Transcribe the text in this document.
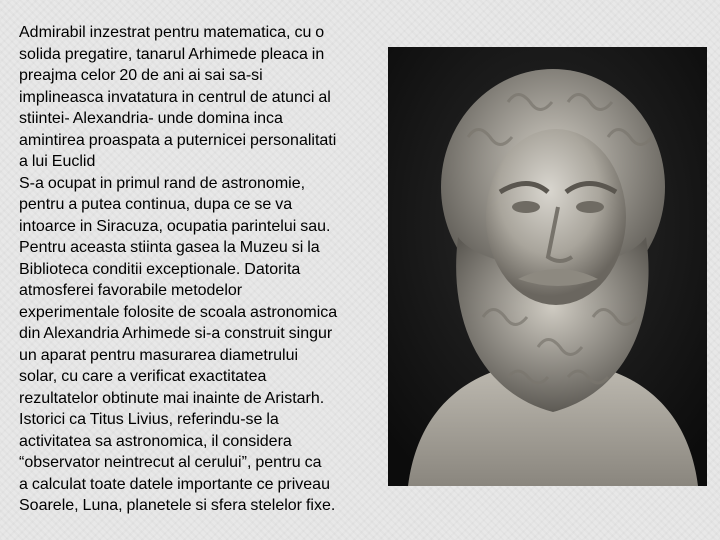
Admirabil inzestrat pentru matematica, cu o
solida pregatire, tanarul Arhimede pleaca in
preajma celor 20 de ani ai sai sa-si
implineasca invatatura in centrul de atunci al
stiintei- Alexandria- unde domina inca
amintirea proaspata a puternicei personalitati
a lui Euclid
S-a ocupat in primul rand de astronomie,
pentru a putea continua, dupa ce se va
intoarce in Siracuza, ocupatia parintelui sau.
Pentru aceasta stiinta gasea la Muzeu si la
Biblioteca conditii exceptionale. Datorita
atmosferei favorabile metodelor
experimentale folosite de scoala astronomica
din Alexandria Arhimede si-a construit singur
un aparat pentru masurarea diametrului
solar, cu care a verificat exactitatea
rezultatelor obtinute mai inainte de Aristarh.
Istorici ca Titus Livius, referindu-se la
activitatea sa astronomica, il considera
“observator neintrecut al cerului”, pentru ca
a calculat toate datele importante ce priveau
Soarele, Luna, planetele si sfera stelelor fixe.
